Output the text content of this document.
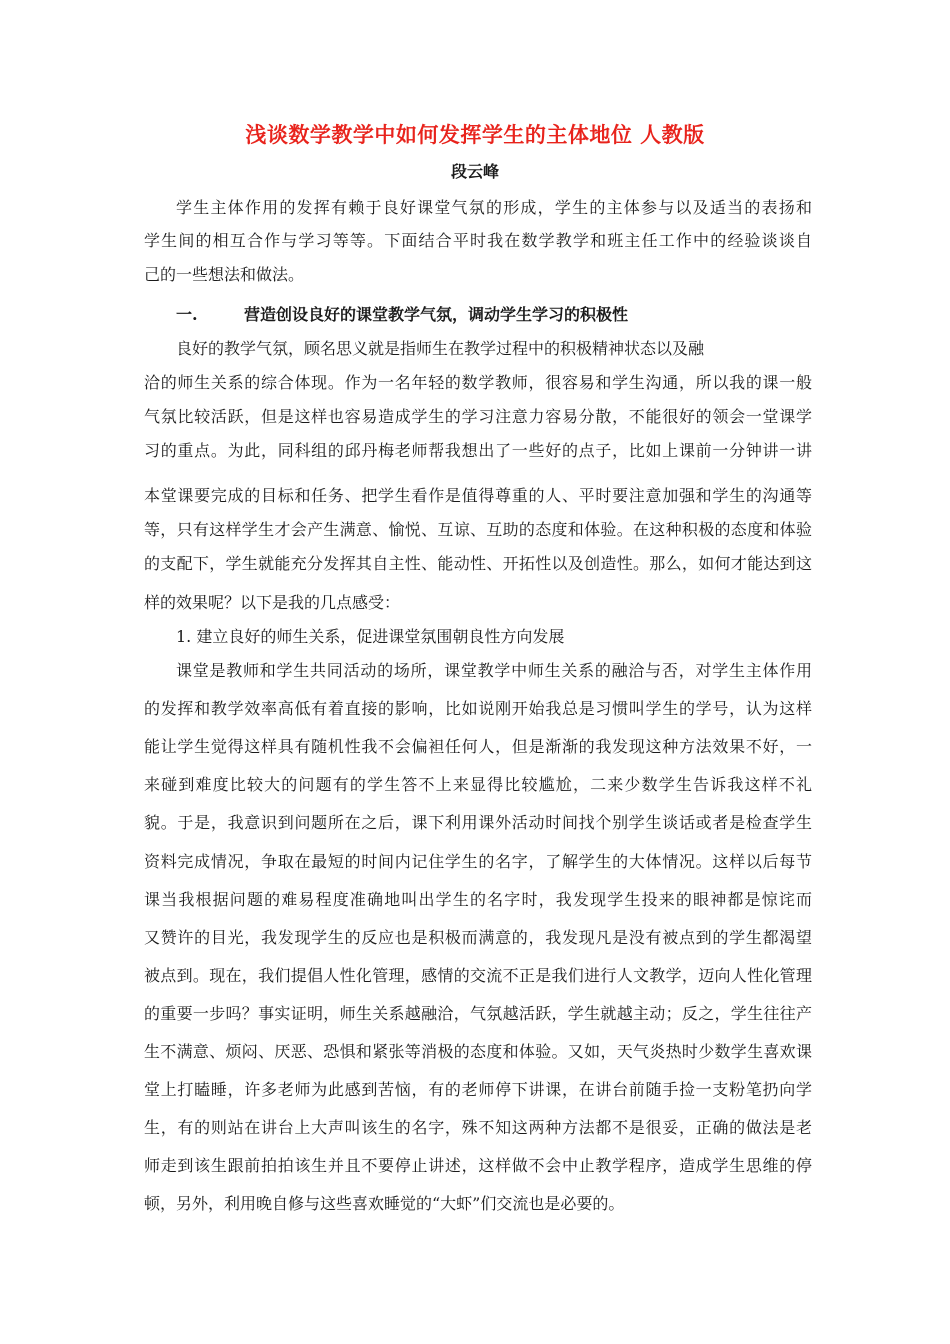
浅谈数学教学中如何发挥学生的主体地位 人教版
段云峰
学生主体作用的发挥有赖于良好课堂气氛的形成，学生的主体参与以及适当的表扬和
学生间的相互合作与学习等等。下面结合平时我在数学教学和班主任工作中的经验谈谈自
己的一些想法和做法。
一.	营造创设良好的课堂教学气氛，调动学生学习的积极性
良好的教学气氛，顾名思义就是指师生在教学过程中的积极精神状态以及融
洽的师生关系的综合体现。作为一名年轻的数学教师，很容易和学生沟通，所以我的课一般
气氛比较活跃，但是这样也容易造成学生的学习注意力容易分散，不能很好的领会一堂课学
习的重点。为此，同科组的邱丹梅老师帮我想出了一些好的点子，比如上课前一分钟讲一讲
本堂课要完成的目标和任务、把学生看作是值得尊重的人、平时要注意加强和学生的沟通等
等，只有这样学生才会产生满意、愉悦、互谅、互助的态度和体验。在这种积极的态度和体验
的支配下，学生就能充分发挥其自主性、能动性、开拓性以及创造性。那么，如何才能达到这
样的效果呢？以下是我的几点感受：
1. 建立良好的师生关系，促进课堂氛围朝良性方向发展
课堂是教师和学生共同活动的场所，课堂教学中师生关系的融洽与否，对学生主体作用
的发挥和教学效率高低有着直接的影响，比如说刚开始我总是习惯叫学生的学号，认为这样
能让学生觉得这样具有随机性我不会偏袒任何人，但是渐渐的我发现这种方法效果不好，一
来碰到难度比较大的问题有的学生答不上来显得比较尴尬，二来少数学生告诉我这样不礼
貌。于是，我意识到问题所在之后，课下利用课外活动时间找个别学生谈话或者是检查学生
资料完成情况，争取在最短的时间内记住学生的名字，了解学生的大体情况。这样以后每节
课当我根据问题的难易程度准确地叫出学生的名字时，我发现学生投来的眼神都是惊诧而
又赞许的目光，我发现学生的反应也是积极而满意的，我发现凡是没有被点到的学生都渴望
被点到。现在，我们提倡人性化管理，感情的交流不正是我们进行人文教学，迈向人性化管理
的重要一步吗？事实证明，师生关系越融洽，气氛越活跃，学生就越主动；反之，学生往往产
生不满意、烦闷、厌恶、恐惧和紧张等消极的态度和体验。又如，天气炎热时少数学生喜欢课
堂上打瞌睡，许多老师为此感到苦恼，有的老师停下讲课，在讲台前随手捡一支粉笔扔向学
生，有的则站在讲台上大声叫该生的名字，殊不知这两种方法都不是很妥，正确的做法是老
师走到该生跟前拍拍该生并且不要停止讲述，这样做不会中止教学程序，造成学生思维的停
顿，另外，利用晚自修与这些喜欢睡觉的“大虾”们交流也是必要的。
